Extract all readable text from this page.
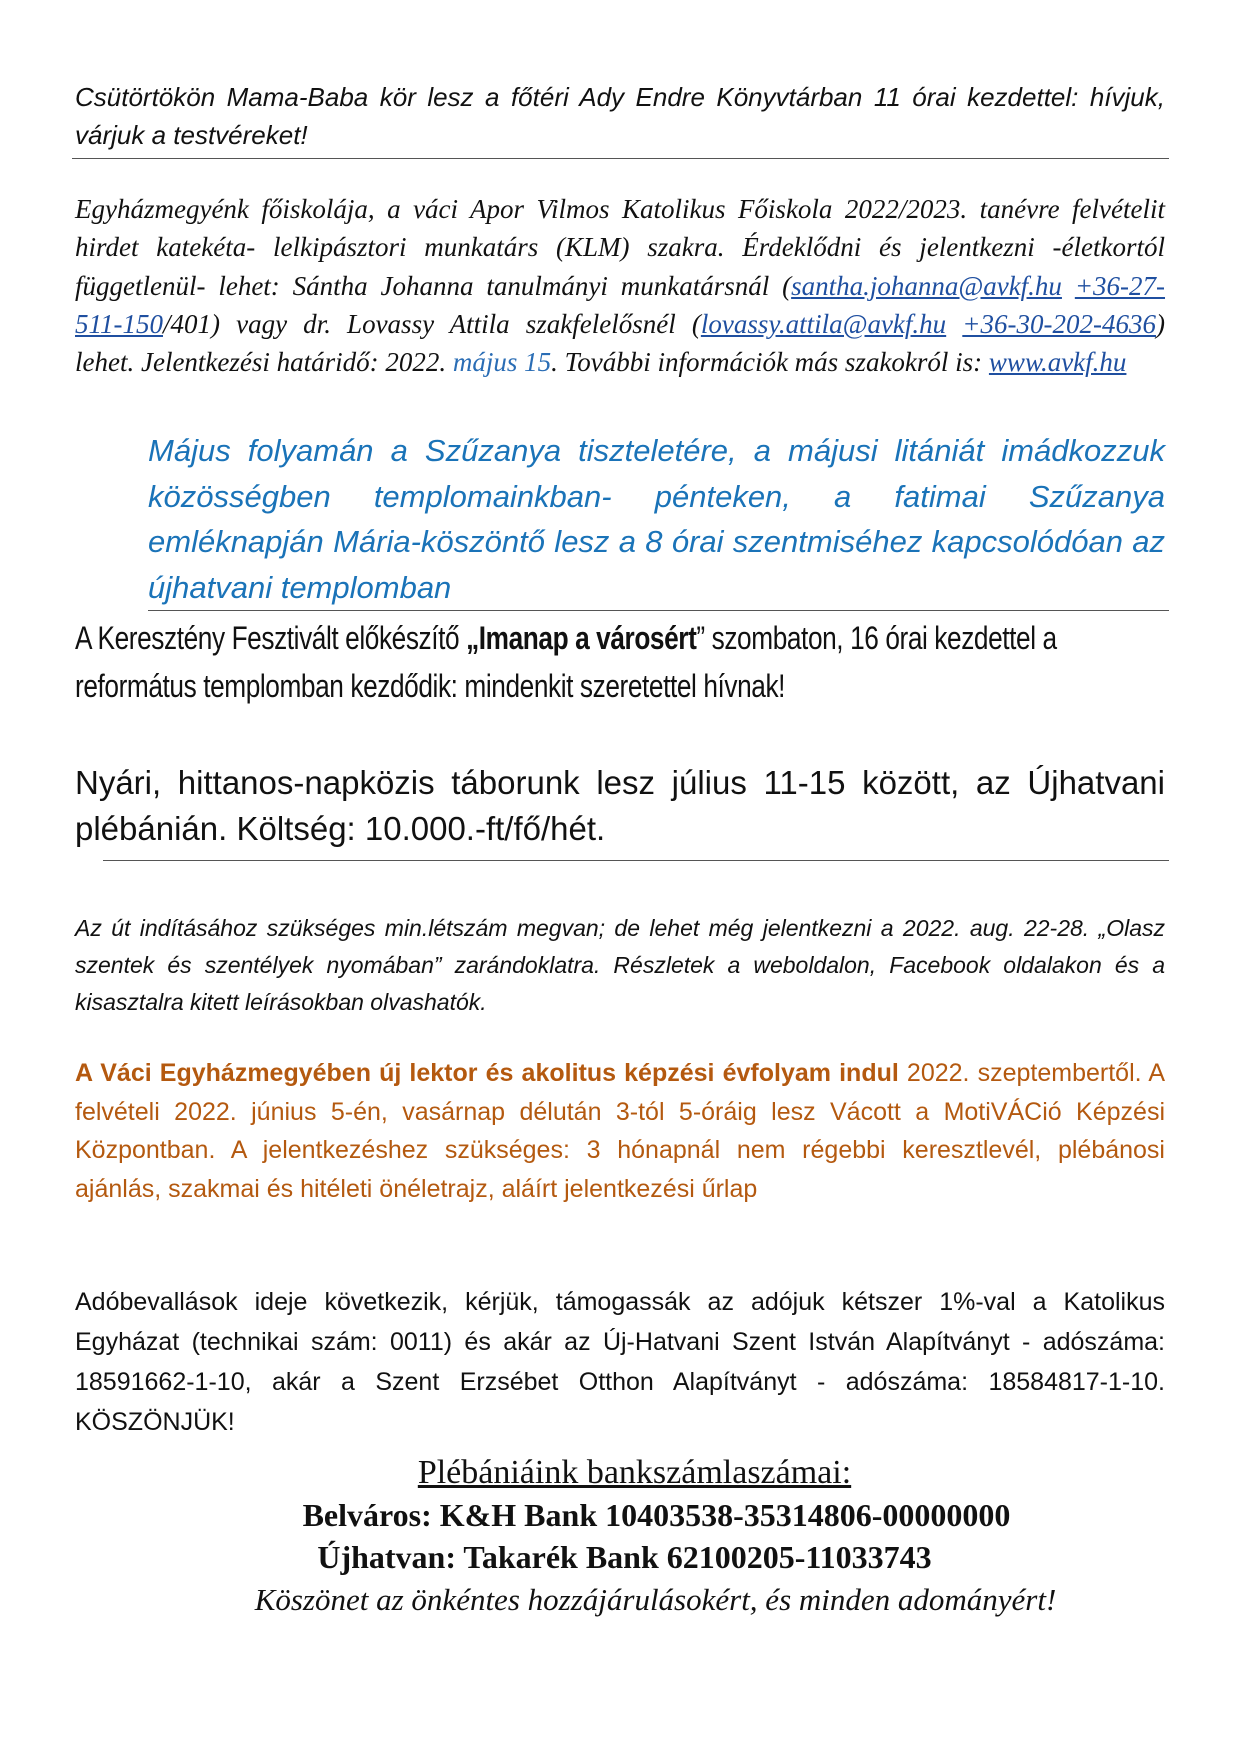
Csütörtökön Mama-Baba kör lesz a főtéri Ady Endre Könyvtárban 11 órai kezdettel: hívjuk, várjuk a testvéreket!

Egyházmegyénk főiskolája, a váci Apor Vilmos Katolikus Főiskola 2022/2023. tanévre felvételit hirdet katekéta- lelkipásztori munkatárs (KLM) szakra. Érdeklődni és jelentkezni -életkortól függetlenül- lehet: Sántha Johanna tanulmányi munkatársnál (santha.johanna@avkf.hu +36-27-511-150/401) vagy dr. Lovassy Attila szakfelelősnél (lovassy.attila@avkf.hu +36-30-202-4636) lehet. Jelentkezési határidő: 2022. május 15. További információk más szakokról is: www.avkf.hu

Május folyamán a Szűzanya tiszteletére, a májusi litániát imádkozzuk közösségben templomainkban- pénteken, a fatimai Szűzanya emléknapján Mária-köszöntő lesz a 8 órai szentmiséhez kapcsolódóan az újhatvani templomban

A Keresztény Fesztivált előkészítő „Imanap a városért” szombaton, 16 órai kezdettel a református templomban kezdődik: mindenkit szeretettel hívnak!

Nyári, hittanos-napközis táborunk lesz július 11-15 között, az Újhatvani plébánián. Költség: 10.000.-ft/fő/hét.

Az út indításához szükséges min.létszám megvan; de lehet még jelentkezni a 2022. aug. 22-28. „Olasz szentek és szentélyek nyomában” zarándoklatra. Részletek a weboldalon, Facebook oldalakon és a kisasztalra kitett leírásokban olvashatók.

A Váci Egyházmegyében új lektor és akolitus képzési évfolyam indul 2022. szeptembertől. A felvételi 2022. június 5-én, vasárnap délután 3-tól 5-óráig lesz Vácott a MotiVÁCió Képzési Központban. A jelentkezéshez szükséges: 3 hónapnál nem régebbi keresztlevél, plébánosi ajánlás, szakmai és hitéleti önéletrajz, aláírt jelentkezési űrlap

Adóbevallások ideje következik, kérjük, támogassák az adójuk kétszer 1%-val a Katolikus Egyházat (technikai szám: 0011) és akár az Új-Hatvani Szent István Alapítványt - adószáma: 18591662-1-10, akár a Szent Erzsébet Otthon Alapítványt - adószáma: 18584817-1-10. KÖSZÖNJÜK!

Plébániáink bankszámlaszámai:
Belváros: K&H Bank 10403538-35314806-00000000
Újhatvan: Takarék Bank 62100205-11033743
Köszönet az önkéntes hozzájárulásokért, és minden adományért!
